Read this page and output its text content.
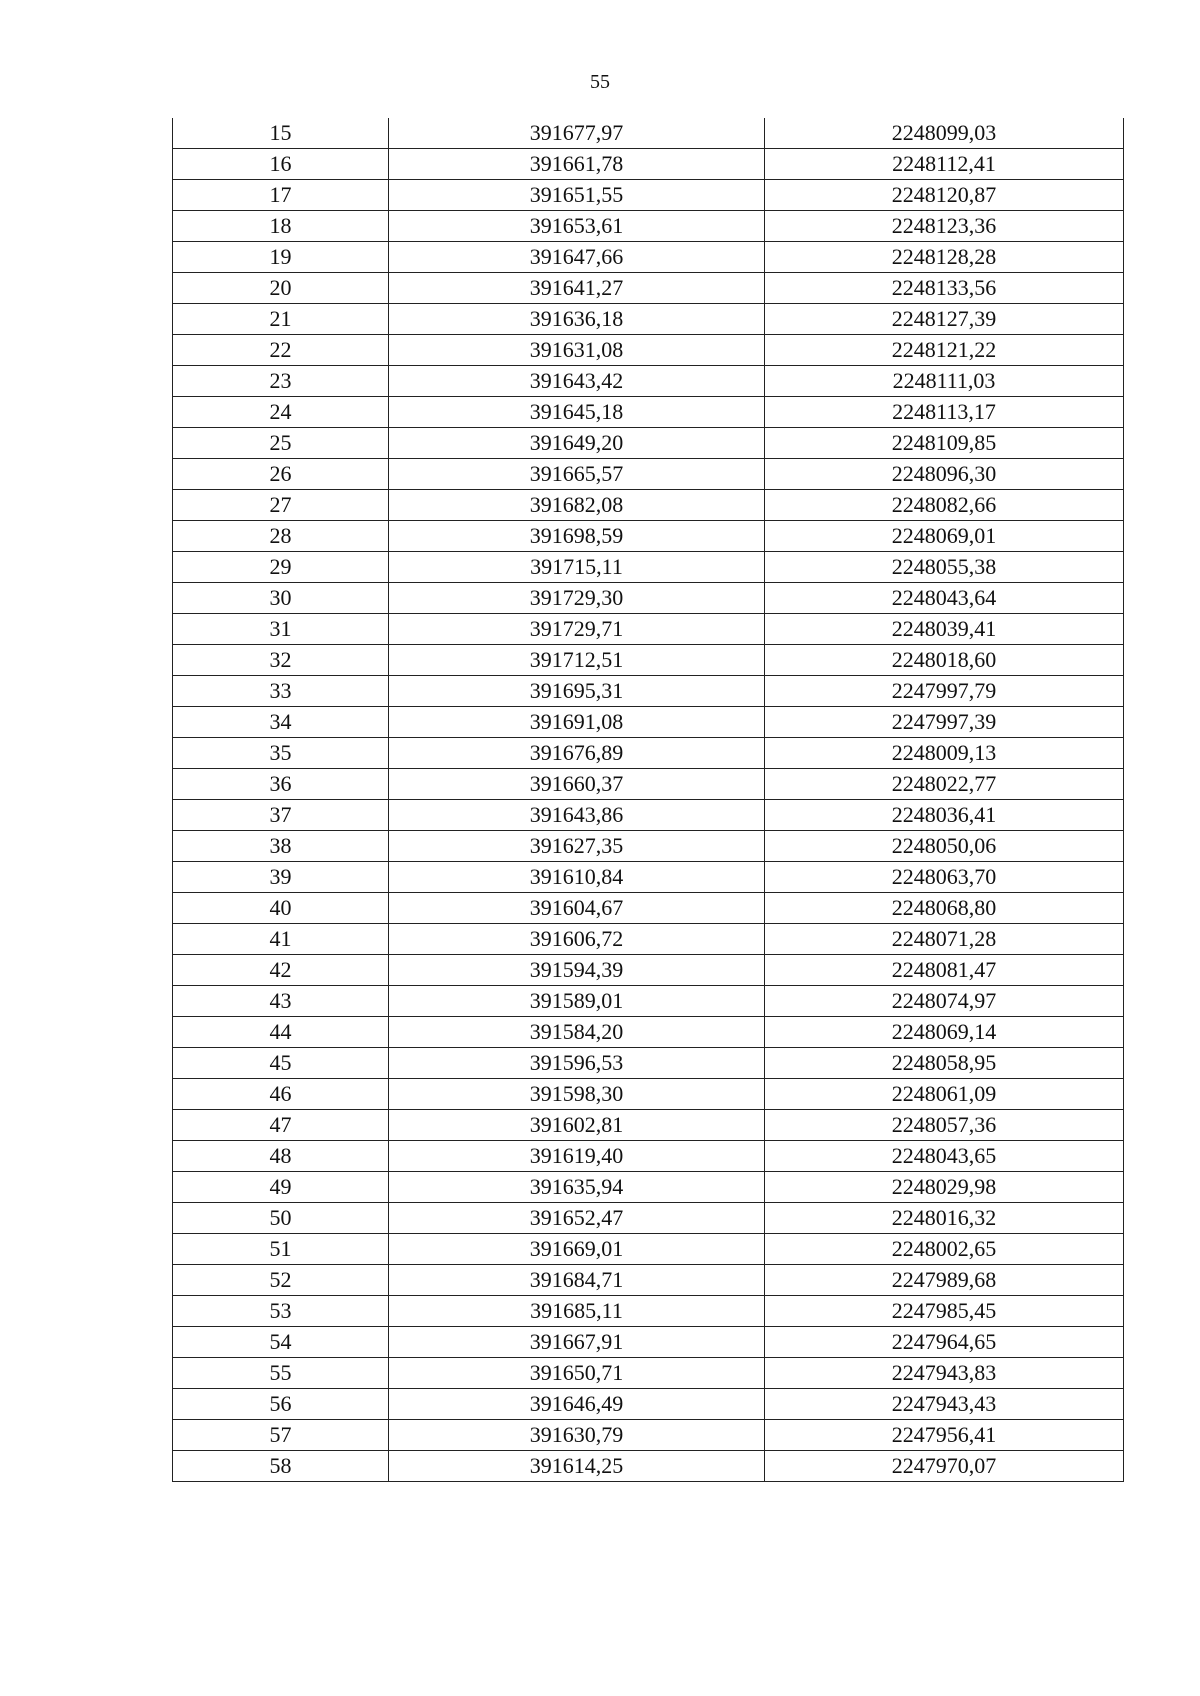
55
15	391677,97	2248099,03
16	391661,78	2248112,41
17	391651,55	2248120,87
18	391653,61	2248123,36
19	391647,66	2248128,28
20	391641,27	2248133,56
21	391636,18	2248127,39
22	391631,08	2248121,22
23	391643,42	2248111,03
24	391645,18	2248113,17
25	391649,20	2248109,85
26	391665,57	2248096,30
27	391682,08	2248082,66
28	391698,59	2248069,01
29	391715,11	2248055,38
30	391729,30	2248043,64
31	391729,71	2248039,41
32	391712,51	2248018,60
33	391695,31	2247997,79
34	391691,08	2247997,39
35	391676,89	2248009,13
36	391660,37	2248022,77
37	391643,86	2248036,41
38	391627,35	2248050,06
39	391610,84	2248063,70
40	391604,67	2248068,80
41	391606,72	2248071,28
42	391594,39	2248081,47
43	391589,01	2248074,97
44	391584,20	2248069,14
45	391596,53	2248058,95
46	391598,30	2248061,09
47	391602,81	2248057,36
48	391619,40	2248043,65
49	391635,94	2248029,98
50	391652,47	2248016,32
51	391669,01	2248002,65
52	391684,71	2247989,68
53	391685,11	2247985,45
54	391667,91	2247964,65
55	391650,71	2247943,83
56	391646,49	2247943,43
57	391630,79	2247956,41
58	391614,25	2247970,07
